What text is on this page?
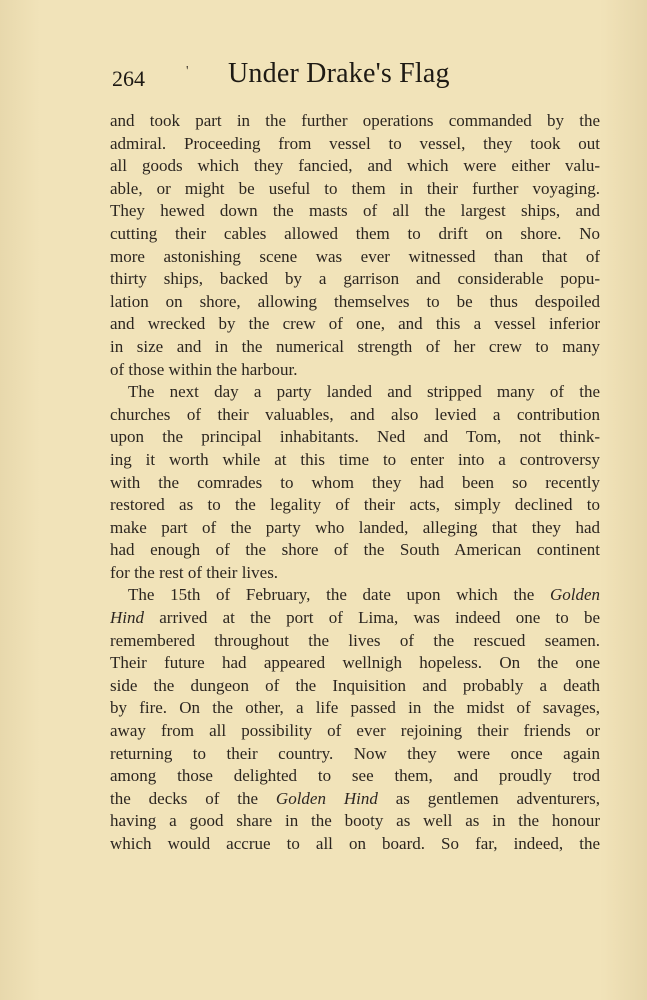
264	' Under Drake's Flag
and took part in the further operations commanded by the
admiral. Proceeding from vessel to vessel, they took out
all goods which they fancied, and which were either valu-
able, or might be useful to them in their further voyaging.
They hewed down the masts of all the largest ships, and
cutting their cables allowed them to drift on shore. No
more astonishing scene was ever witnessed than that of
thirty ships, backed by a garrison and considerable popu-
lation on shore, allowing themselves to be thus despoiled
and wrecked by the crew of one, and this a vessel inferior
in size and in the numerical strength of her crew to many
of those within the harbour.
The next day a party landed and stripped many of the
churches of their valuables, and also levied a contribution
upon the principal inhabitants. Ned and Tom, not think-
ing it worth while at this time to enter into a controversy
with the comrades to whom they had been so recently
restored as to the legality of their acts, simply declined to
make part of the party who landed, alleging that they had
had enough of the shore of the South American continent
for the rest of their lives.
The 15th of February, the date upon which the Golden
Hind arrived at the port of Lima, was indeed one to be
remembered throughout the lives of the rescued seamen.
Their future had appeared wellnigh hopeless. On the one
side the dungeon of the Inquisition and probably a death
by fire. On the other, a life passed in the midst of savages,
away from all possibility of ever rejoining their friends or
returning to their country. Now they were once again
among those delighted to see them, and proudly trod
the decks of the Golden Hind as gentlemen adventurers,
having a good share in the booty as well as in the honour
which would accrue to all on board. So far, indeed, the
